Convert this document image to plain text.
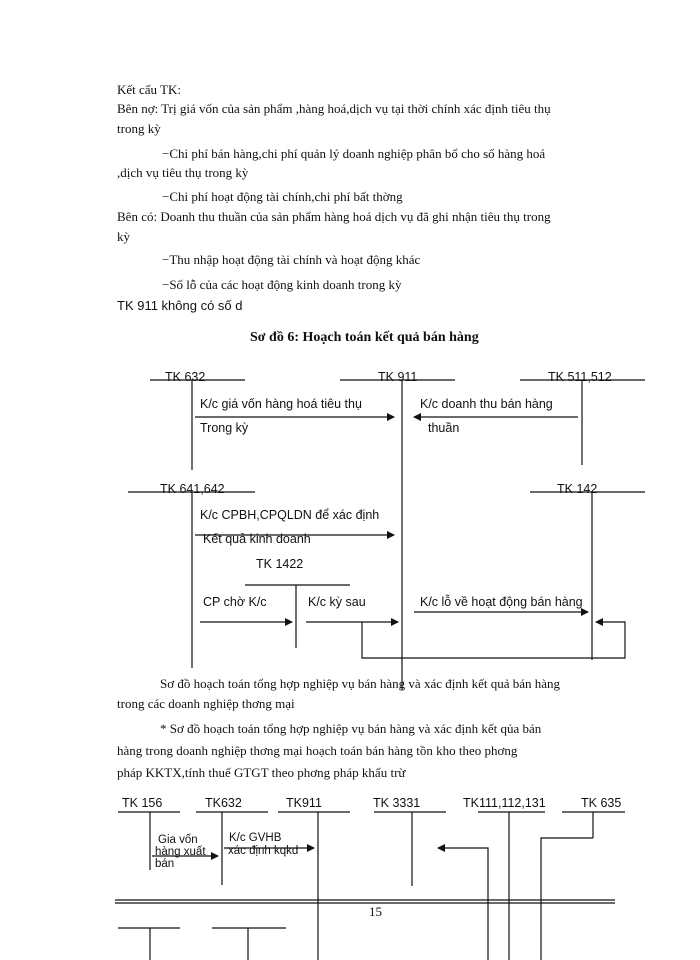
Kết cấu TK:
Bên nợ: Trị giá vốn của sản phẩm ,hàng hoá,dịch vụ tại thời chính xác định tiêu thụ
trong kỳ
−Chi phí bán hàng,chi phí quản lý doanh nghiệp phân bổ cho số hàng hoá
,dịch vụ tiêu thụ trong kỳ
−Chi phí hoạt động tài chính,chi phí bất thờng
Bên có: Doanh thu thuần của sản phẩm hàng hoá dịch vụ đã ghi nhận tiêu thụ trong
kỳ
−Thu nhập hoạt động tài chính và hoạt động khác
−Số lỗ của các hoạt động kinh doanh trong kỳ
TK 911 không có số d
Sơ đồ 6: Hoạch toán kết quả bán hàng
TK 632	TK 911	TK 511,512
K/c giá vốn hàng hoá tiêu thụ
Trong kỳ
K/c doanh thu bán hàng
thuần
TK 641,642	TK 142
K/c CPBH,CPQLDN để xác định
Kết quả kinh doanh
TK 1422
CP chờ K/c	K/c kỳ sau	K/c lỗ về hoạt động bán hàng
Sơ đồ hoạch toán tổng hợp nghiệp vụ bán hàng và xác định kết quả bán hàng
trong các doanh nghiệp thơng mại
* Sơ đồ hoạch toán tổng hợp nghiệp vụ bán hàng và xác định kết qủa bán
hàng trong doanh nghiệp thơng mại hoạch toán bán hàng tồn kho theo phơng
pháp KKTX,tính thuế GTGT theo phơng pháp khấu trừ
TK 156	TK632	TK911	TK 3331	TK111,112,131	TK 635
Gia vốn
hàng xuất
bán
K/c GVHB
xác định kqkd
15
